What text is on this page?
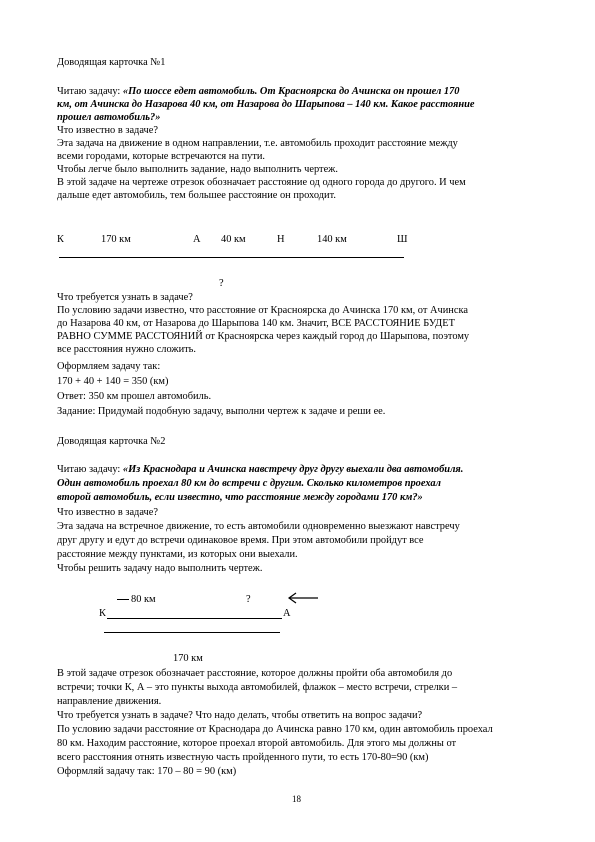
Доводящая карточка №1
Читаю задачу: «По шоссе едет автомобиль. От Красноярска до Ачинска он прошел 170
км, от Ачинска до Назарова 40 км, от Назарова до Шарыпова – 140 км. Какое расстояние
прошел автомобиль?»
Что известно в задаче?
Эта задача на движение в одном направлении, т.е. автомобиль проходит расстояние между
всеми городами, которые встречаются на пути.
Чтобы легче было выполнить задание, надо выполнить чертеж.
В этой задаче на чертеже отрезок обозначает расстояние од одного города до другого. И чем
дальше едет автомобиль, тем большее расстояние он проходит.
К	170 км	А 40 км	Н	140 км	Ш
?
Что требуется узнать в задаче?
По условию задачи известно, что расстояние от Красноярска до Ачинска 170 км, от Ачинска
до Назарова 40 км, от Назарова до Шарыпова 140 км. Значит, ВСЕ РАССТОЯНИЕ БУДЕТ
РАВНО СУММЕ РАССТОЯНИЙ от Красноярска через каждый город до Шарыпова, поэтому
все расстояния нужно сложить.
Оформляем задачу так:
170 + 40 + 140 = 350 (км)
Ответ: 350 км прошел автомобиль.
Задание: Придумай подобную задачу, выполни чертеж к задаче и реши ее.
Доводящая карточка №2
Читаю задачу: «Из Краснодара и Ачинска навстречу друг другу выехали два автомобиля.
Один автомобиль проехал 80 км до встречи с другим. Сколько километров проехал
второй автомобиль, если известно, что расстояние между городами 170 км?»
Что известно в задаче?
Эта задача на встречное движение, то есть автомобили одновременно выезжают навстречу
друг другу и едут до встречи одинаковое время. При этом автомобили пройдут все
расстояние между пунктами, из которых они выехали.
Чтобы решить задачу надо выполнить чертеж.
80 км	?
К	А
170 км
В этой задаче отрезок обозначает расстояние, которое должны пройти оба автомобиля до
встречи; точки К, А – это пункты выхода автомобилей, флажок – место встречи, стрелки –
направление движения.
Что требуется узнать в задаче? Что надо делать, чтобы ответить на вопрос задачи?
По условию задачи расстояние от Краснодара до Ачинска равно 170 км, один автомобиль проехал
80 км. Находим расстояние, которое проехал второй автомобиль. Для этого мы должны от
всего расстояния отнять известную часть пройденного пути, то есть 170-80=90 (км)
Оформляй задачу так: 170 – 80 = 90 (км)
18
